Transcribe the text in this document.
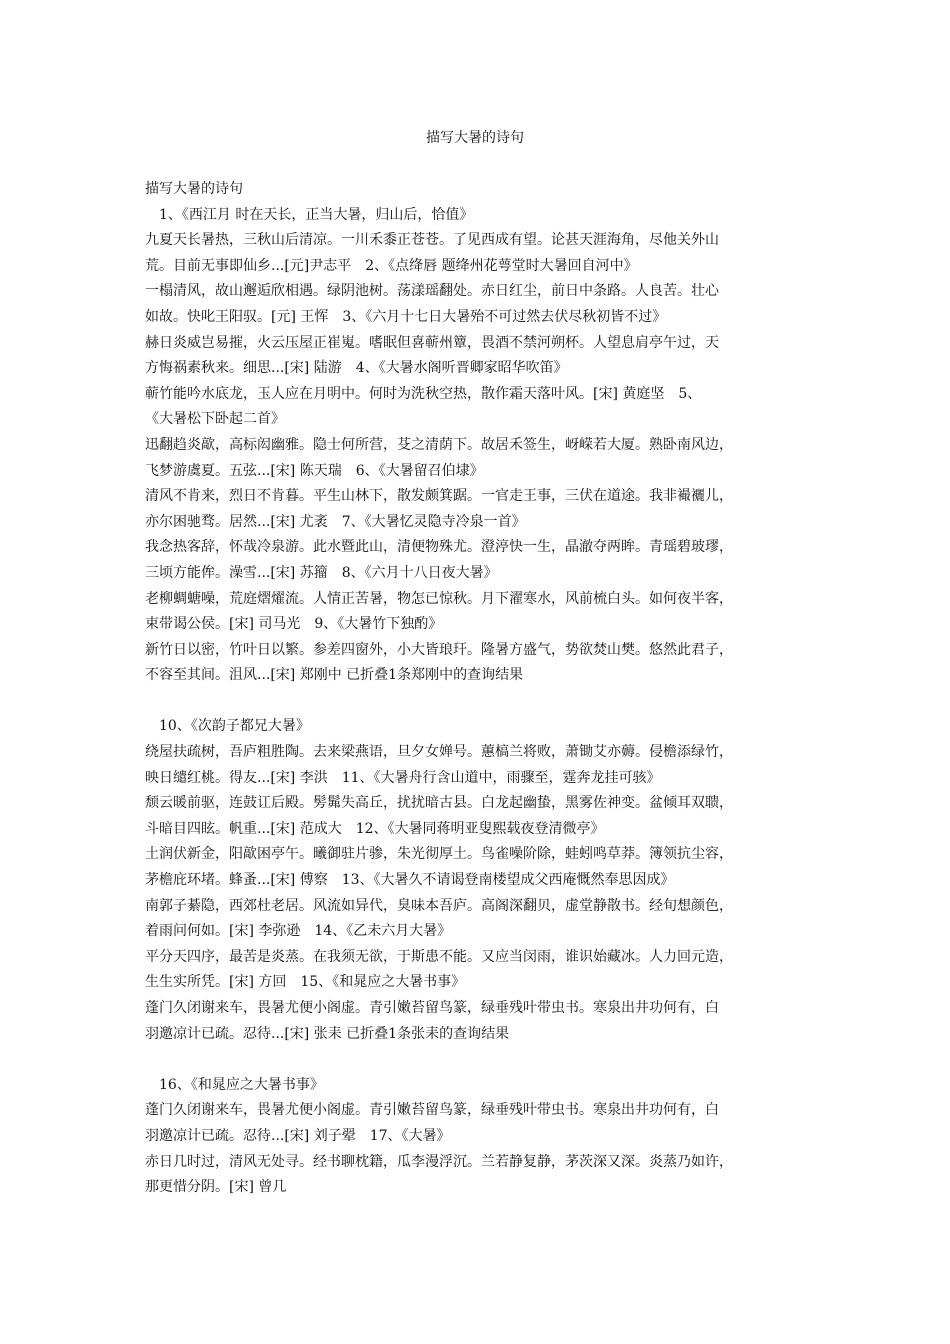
描写大暑的诗句
描写大暑的诗句
　1、《西江月 时在天长，正当大暑，归山后，恰值》
九夏天长暑热，三秋山后清凉。一川禾黍正苍苍。了见西成有望。论甚天涯海角，尽他关外山
荒。目前无事即仙乡...[元]尹志平　2、《点绛唇 题绛州花萼堂时大暑回自河中》
一榻清风，故山邂逅欣相遇。绿阴池树。荡漾瑶翻处。赤日红尘，前日中条路。人良苦。壮心
如故。快叱王阳驭。[元] 王恽　3、《六月十七日大暑殆不可过然去伏尽秋初皆不过》
赫日炎威岂易摧，火云压屋正崔嵬。嗜眠但喜蕲州簟，畏酒不禁河朔杯。人望息肩亭午过，天
方悔祸素秋来。细思...[宋] 陆游　4、《大暑水阁听晋卿家昭华吹笛》
蕲竹能吟水底龙，玉人应在月明中。何时为洗秋空热，散作霜天落叶风。[宋] 黄庭坚　5、
《大暑松下卧起二首》
迅翻趋炎歊，高标闳幽雅。隐士何所营，芟之清荫下。故居禾签生，岈嵘若大厦。熟卧南风边，
飞梦游虞夏。五弦...[宋] 陈天瑞　6、《大暑留召伯埭》
清风不肯来，烈日不肯暮。平生山林下，散发颇箕踞。一官走王事，三伏在道途。我非襊襹儿，
亦尔困驰骛。居然...[宋] 尤袤　7、《大暑忆灵隐寺冷泉一首》
我念热客辞，怀哉冷泉游。此水暨此山，清便物殊尤。澄渟快一生，晶澈夺两眸。青瑶碧玻璆，
三顷方能侔。澡雪...[宋] 苏籀　8、《六月十八日夜大暑》
老柳蜩螗噪，荒庭熠燿流。人情正苦暑，物怎已惊秋。月下濯寒水，风前梳白头。如何夜半客，
束带谒公侯。[宋] 司马光　9、《大暑竹下独酌》
新竹日以密，竹叶日以繁。参差四窗外，小大皆琅玕。隆暑方盛气，势欲焚山樊。悠然此君子，
不容至其间。沮风...[宋] 郑刚中 已折叠1条郑刚中的查询结果
　10、《次韵子都兄大暑》
绕屋扶疏树，吾庐粗胜陶。去来梁燕语，旦夕女婵号。蕙槁兰将败，萧锄艾亦薅。侵檐添绿竹，
映日缱红桃。得友...[宋] 李洪　11、《大暑舟行含山道中，雨骤至，霆奔龙挂可骇》
颓云暖前驱，连鼓讧后殿。髣髴失高丘，扰扰暗古县。白龙起幽蛰，黑雾佐神变。盆倾耳双聩，
斗暗目四眩。帆重...[宋] 范成大　12、《大暑同蒋明亚叟熙载夜登清微亭》
土润伏新金，阳歊困亭午。曦御驻片骖，朱光彻厚土。鸟雀噪阶除，蛙蚓鸣草莽。簿领抗尘容，
茅檐庇环堵。蜂蚤...[宋] 傅察　13、《大暑久不请谒登南楼望成父西庵慨然奉思因成》
南郭子綦隐，西郊杜老居。风流如异代，臭味本吾庐。高阁深翻贝，虚堂静散书。经旬想颜色，
着雨问何如。[宋] 李弥逊　14、《乙未六月大暑》
平分天四序，最苦是炎蒸。在我须无欲，于斯患不能。又应当闵雨，谁识始藏冰。人力回元造，
生生实所凭。[宋] 方回　15、《和晁应之大暑书事》
蓬门久闭谢来车，畏暑尤便小阁虚。青引嫩苔留鸟篆，绿垂残叶带虫书。寒泉出井功何有，白
羽邀凉计已疏。忍待...[宋] 张耒 已折叠1条张耒的查询结果
　16、《和晁应之大暑书事》
蓬门久闭谢来车，畏暑尤便小阁虚。青引嫩苔留鸟篆，绿垂残叶带虫书。寒泉出井功何有，白
羽邀凉计已疏。忍待...[宋] 刘子翚　17、《大暑》
赤日几时过，清风无处寻。经书聊枕籍，瓜李漫浮沉。兰若静复静，茅茨深又深。炎蒸乃如许，
那更惜分阴。[宋] 曾几
